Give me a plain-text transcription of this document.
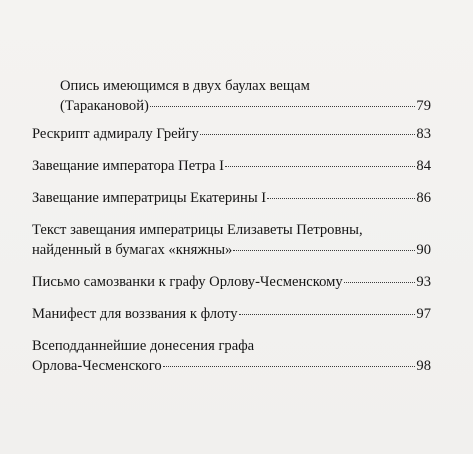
Опись имеющимся в двух баулах вещам
(Таракановой)	79
Рескрипт адмиралу Грейгу	83
Завещание императора Петра I	84
Завещание императрицы Екатерины I	86
Текст завещания императрицы Елизаветы Петровны,
найденный в бумагах «княжны»	90
Письмо самозванки к графу Орлову-Чесменскому	93
Манифест для воззвания к флоту	97
Всеподданнейшие донесения графа
Орлова-Чесменского	98
